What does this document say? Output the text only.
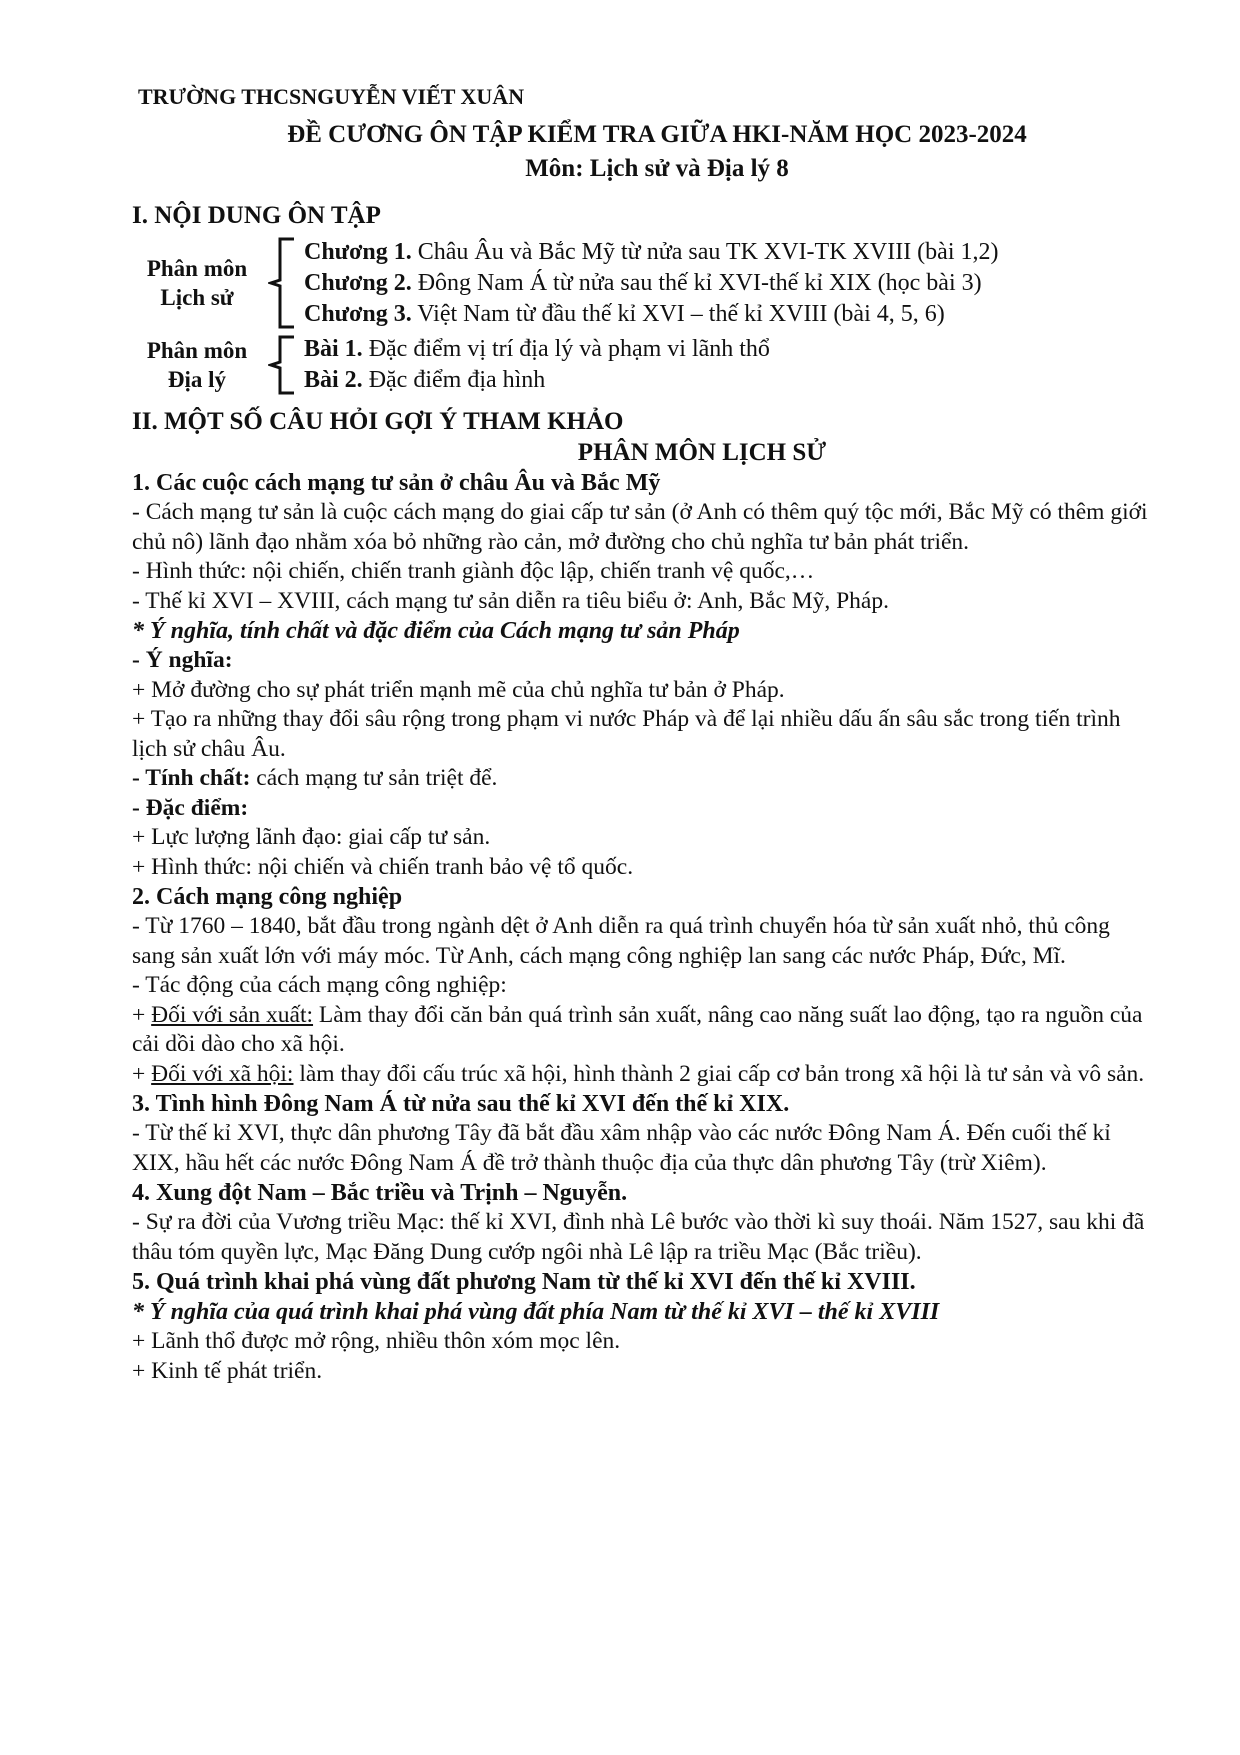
TRƯỜNG THCSNGUYỄN VIẾT XUÂN
ĐỀ CƯƠNG ÔN TẬP KIỂM TRA GIỮA HKI-NĂM HỌC 2023-2024
Môn: Lịch sử và Địa lý 8
I. NỘI DUNG ÔN TẬP
Phân môn
Lịch sử
Chương 1. Châu Âu và Bắc Mỹ từ nửa sau TK XVI-TK XVIII (bài 1,2)
Chương 2. Đông Nam Á từ nửa sau thế kỉ XVI-thế kỉ XIX (học bài 3)
Chương 3. Việt Nam từ đầu thế kỉ XVI – thế kỉ XVIII (bài 4, 5, 6)
Phân môn
Địa lý
Bài 1. Đặc điểm vị trí địa lý và phạm vi lãnh thổ
Bài 2. Đặc điểm địa hình
II. MỘT SỐ CÂU HỎI GỢI Ý THAM KHẢO
PHÂN MÔN LỊCH SỬ
1. Các cuộc cách mạng tư sản ở châu Âu và Bắc Mỹ
- Cách mạng tư sản là cuộc cách mạng do giai cấp tư sản (ở Anh có thêm quý tộc mới, Bắc Mỹ có thêm giới chủ nô) lãnh đạo nhằm xóa bỏ những rào cản, mở đường cho chủ nghĩa tư bản phát triển.
- Hình thức: nội chiến, chiến tranh giành độc lập, chiến tranh vệ quốc,…
- Thế kỉ XVI – XVIII, cách mạng tư sản diễn ra tiêu biểu ở: Anh, Bắc Mỹ, Pháp.
* Ý nghĩa, tính chất và đặc điểm của Cách mạng tư sản Pháp
- Ý nghĩa:
+ Mở đường cho sự phát triển mạnh mẽ của chủ nghĩa tư bản ở Pháp.
+ Tạo ra những thay đổi sâu rộng trong phạm vi nước Pháp và để lại nhiều dấu ấn sâu sắc trong tiến trình lịch sử châu Âu.
- Tính chất: cách mạng tư sản triệt để.
- Đặc điểm:
+ Lực lượng lãnh đạo: giai cấp tư sản.
+ Hình thức: nội chiến và chiến tranh bảo vệ tổ quốc.
2. Cách mạng công nghiệp
- Từ 1760 – 1840, bắt đầu trong ngành dệt ở Anh diễn ra quá trình chuyển hóa từ sản xuất nhỏ, thủ công sang sản xuất lớn với máy móc. Từ Anh, cách mạng công nghiệp lan sang các nước Pháp, Đức, Mĩ.
- Tác động của cách mạng công nghiệp:
+ Đối với sản xuất: Làm thay đổi căn bản quá trình sản xuất, nâng cao năng suất lao động, tạo ra nguồn của cải dồi dào cho xã hội.
+ Đối với xã hội: làm thay đổi cấu trúc xã hội, hình thành 2 giai cấp cơ bản trong xã hội là tư sản và vô sản.
3. Tình hình Đông Nam Á từ nửa sau thế kỉ XVI đến thế kỉ XIX.
- Từ thế kỉ XVI, thực dân phương Tây đã bắt đầu xâm nhập vào các nước Đông Nam Á. Đến cuối thế kỉ XIX, hầu hết các nước Đông Nam Á đề trở thành thuộc địa của thực dân phương Tây (trừ Xiêm).
4. Xung đột Nam – Bắc triều và Trịnh – Nguyễn.
- Sự ra đời của Vương triều Mạc: thế kỉ XVI, đình nhà Lê bước vào thời kì suy thoái. Năm 1527, sau khi đã thâu tóm quyền lực, Mạc Đăng Dung cướp ngôi nhà Lê lập ra triều Mạc (Bắc triều).
5. Quá trình khai phá vùng đất phương Nam từ thế kỉ XVI đến thế kỉ XVIII.
* Ý nghĩa của quá trình khai phá vùng đất phía Nam từ thế kỉ XVI – thế kỉ XVIII
+ Lãnh thổ được mở rộng, nhiều thôn xóm mọc lên.
+ Kinh tế phát triển.
